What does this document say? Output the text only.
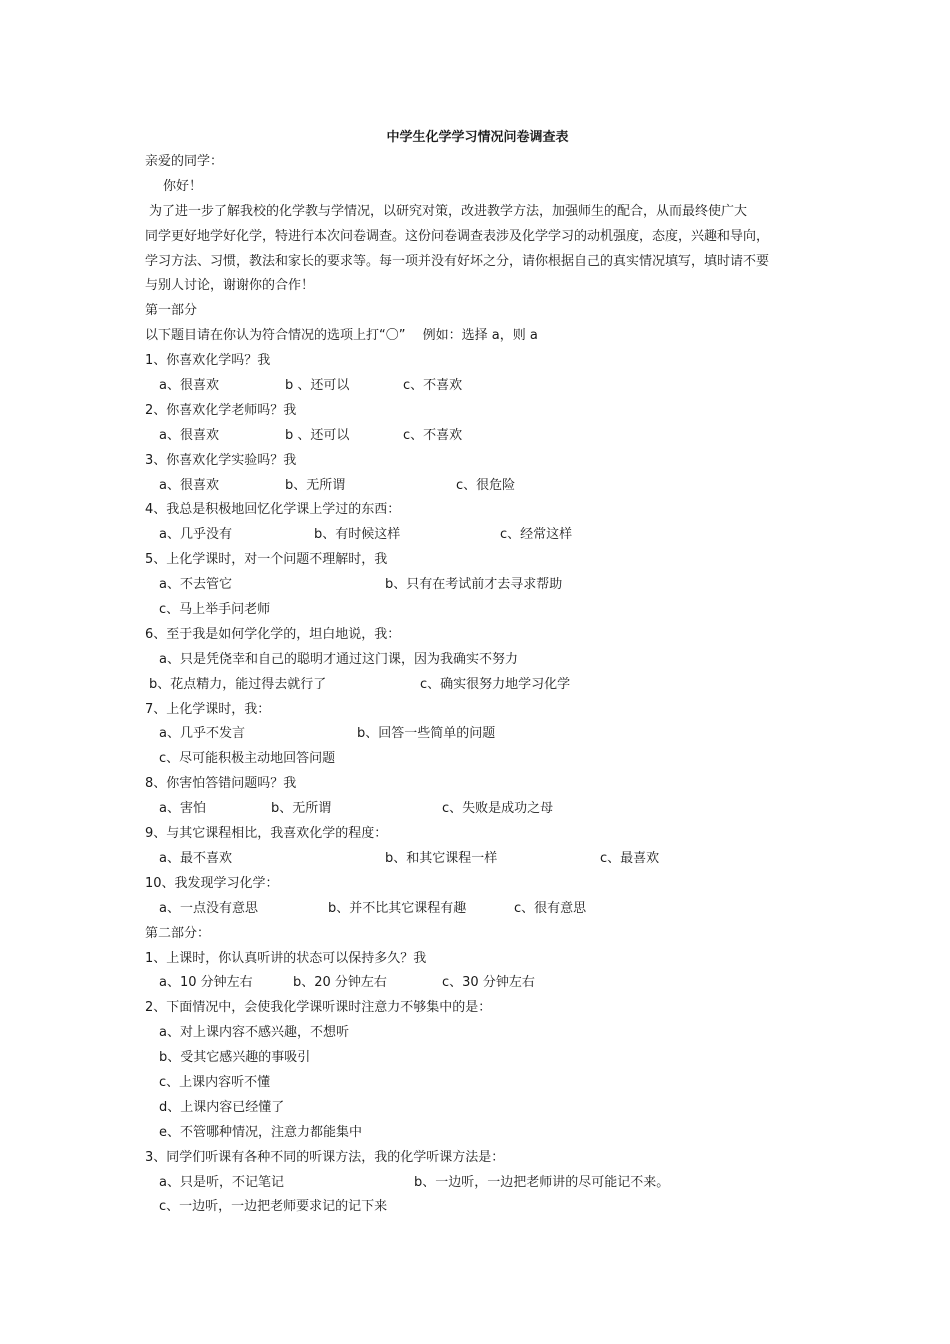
中学生化学学习情况问卷调查表
亲爱的同学：
你好！
为了进一步了解我校的化学教与学情况，以研究对策，改进教学方法，加强师生的配合，从而最终使广大
同学更好地学好化学，特进行本次问卷调查。这份问卷调查表涉及化学学习的动机强度，态度，兴趣和导向，
学习方法、习惯，教法和家长的要求等。每一项并没有好坏之分，请你根据自己的真实情况填写，填时请不要
与别人讨论，谢谢你的合作！
第一部分
以下题目请在你认为符合情况的选项上打“〇”　 例如：选择 a，则 a
1、你喜欢化学吗？我
a、很喜欢	b 、还可以	c、不喜欢
2、你喜欢化学老师吗？我
a、很喜欢	b 、还可以	c、不喜欢
3、你喜欢化学实验吗？我
a、很喜欢	b、无所谓	c、很危险
4、我总是积极地回忆化学课上学过的东西：
a、几乎没有	b、有时候这样	c、经常这样
5、上化学课时，对一个问题不理解时，我
a、不去管它	b、只有在考试前才去寻求帮助
c、马上举手问老师
6、至于我是如何学化学的，坦白地说，我：
a、只是凭侥幸和自己的聪明才通过这门课，因为我确实不努力
b、花点精力，能过得去就行了	c、确实很努力地学习化学
7、上化学课时，我：
a、几乎不发言	b、回答一些简单的问题
c、尽可能积极主动地回答问题
8、你害怕答错问题吗？我
a、害怕	b、无所谓	c、失败是成功之母
9、与其它课程相比，我喜欢化学的程度：
a、最不喜欢	b、和其它课程一样	c、最喜欢
10、我发现学习化学：
a、一点没有意思	b、并不比其它课程有趣	c、很有意思
第二部分：
1、上课时，你认真听讲的状态可以保持多久？我
a、10 分钟左右	b、20 分钟左右	c、30 分钟左右
2、下面情况中，会使我化学课听课时注意力不够集中的是：
a、对上课内容不感兴趣，不想听
b、受其它感兴趣的事吸引
c、上课内容听不懂
d、上课内容已经懂了
e、不管哪种情况，注意力都能集中
3、同学们听课有各种不同的听课方法，我的化学听课方法是：
a、只是听，不记笔记	b、一边听，一边把老师讲的尽可能记不来。
c、一边听，一边把老师要求记的记下来
